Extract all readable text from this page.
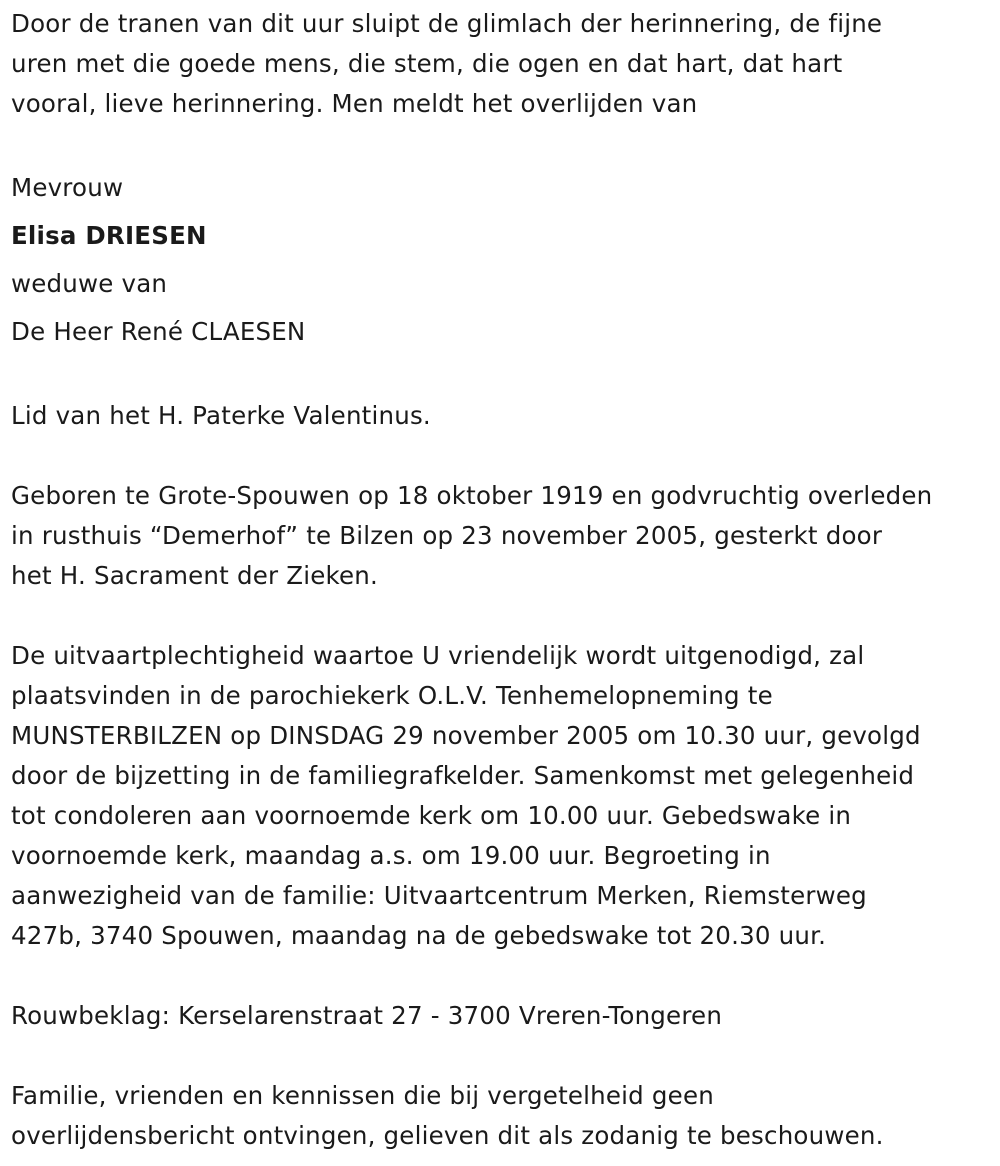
Door de tranen van dit uur sluipt de glimlach der herinnering, de fijne
uren met die goede mens, die stem, die ogen en dat hart, dat hart
vooral, lieve herinnering. Men meldt het overlijden van
Mevrouw
Elisa DRIESEN
weduwe van
De Heer René CLAESEN
Lid van het H. Paterke Valentinus.
Geboren te Grote-Spouwen op 18 oktober 1919 en godvruchtig overleden
in rusthuis “Demerhof” te Bilzen op 23 november 2005, gesterkt door
het H. Sacrament der Zieken.
De uitvaartplechtigheid waartoe U vriendelijk wordt uitgenodigd, zal
plaatsvinden in de parochiekerk O.L.V. Tenhemelopneming te
MUNSTERBILZEN op DINSDAG 29 november 2005 om 10.30 uur, gevolgd
door de bijzetting in de familiegrafkelder. Samenkomst met gelegenheid
tot condoleren aan voornoemde kerk om 10.00 uur. Gebedswake in
voornoemde kerk, maandag a.s. om 19.00 uur. Begroeting in
aanwezigheid van de familie: Uitvaartcentrum Merken, Riemsterweg
427b, 3740 Spouwen, maandag na de gebedswake tot 20.30 uur.
Rouwbeklag: Kerselarenstraat 27 - 3700 Vreren-Tongeren
Familie, vrienden en kennissen die bij vergetelheid geen
overlijdensbericht ontvingen, gelieven dit als zodanig te beschouwen.
